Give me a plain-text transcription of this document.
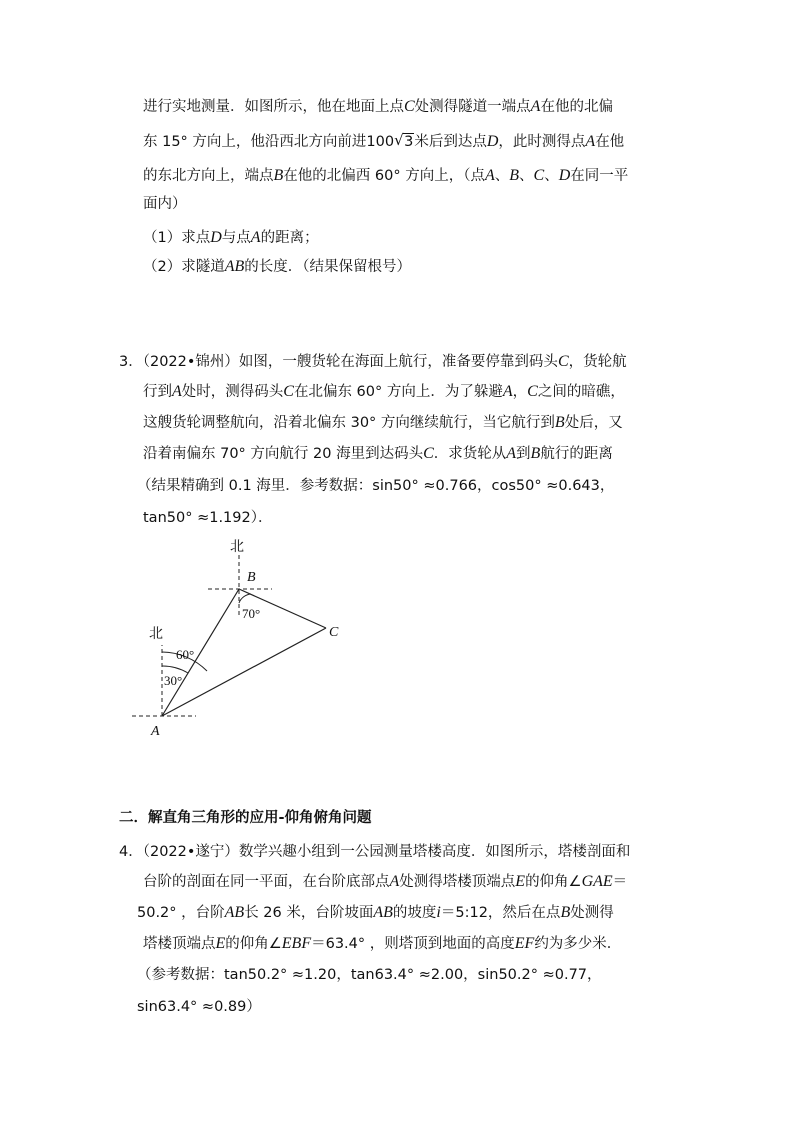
进行实地测量．如图所示，他在地面上点C处测得隧道一端点A在他的北偏
东 15° 方向上，他沿西北方向前进100 √ 3米后到达点D，此时测得点A在他
的东北方向上，端点B在他的北偏西 60° 方向上，（点A、B、C、D在同一平
面内）
（1）求点D与点A的距离；
（2）求隧道AB的长度．（结果保留根号）
3．（2022•锦州）如图，一艘货轮在海面上航行，准备要停靠到码头C，货轮航
行到A处时，测得码头C在北偏东 60° 方向上．为了躲避A，C之间的暗礁，
这艘货轮调整航向，沿着北偏东 30° 方向继续航行，当它航行到B处后，又
沿着南偏东 70° 方向航行 20 海里到达码头C．求货轮从A到B航行的距离
（结果精确到 0.1 海里．参考数据：sin50° ≈0.766，cos50° ≈0.643，
tan50° ≈1.192）．
北
北
B
C
A
70°
60°
30°
二．解直角三角形的应用-仰角俯角问题
4．（2022•遂宁）数学兴趣小组到一公园测量塔楼高度．如图所示，塔楼剖面和
台阶的剖面在同一平面，在台阶底部点A处测得塔楼顶端点E的仰角∠GAE＝
50.2° ，台阶AB长 26 米，台阶坡面AB的坡度i＝5:12，然后在点B处测得
塔楼顶端点E的仰角∠EBF＝63.4° ，则塔顶到地面的高度EF约为多少米．
（参考数据：tan50.2° ≈1.20，tan63.4° ≈2.00，sin50.2° ≈0.77，
sin63.4° ≈0.89）
